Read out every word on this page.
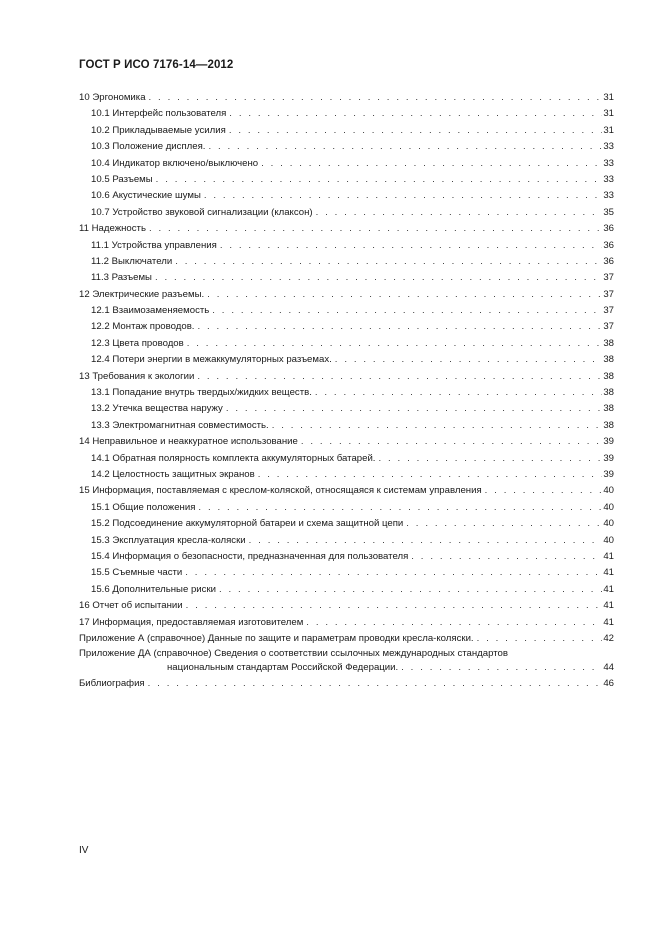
ГОСТ Р ИСО 7176-14—2012
10 Эргономика . . .	31
10.1 Интерфейс пользователя . . .	31
10.2 Прикладываемые усилия . . .	31
10.3 Положение дисплея. . . .	33
10.4 Индикатор включено/выключено . . .	33
10.5 Разъемы . . .	33
10.6 Акустические шумы . . .	33
10.7 Устройство звуковой сигнализации (клаксон) . . .	35
11 Надежность . . .	36
11.1 Устройства управления . . .	36
11.2 Выключатели . . .	36
11.3 Разъемы . . .	37
12 Электрические разъемы. . . .	37
12.1 Взаимозаменяемость . . .	37
12.2 Монтаж проводов. . . .	37
12.3 Цвета проводов . . .	38
12.4 Потери энергии в межаккумуляторных разъемах. . . .	38
13 Требования к экологии . . .	38
13.1 Попадание внутрь твердых/жидких веществ. . . .	38
13.2 Утечка вещества наружу . . .	38
13.3 Электромагнитная совместимость. . . .	38
14 Неправильное и неаккуратное использование . . .	39
14.1 Обратная полярность комплекта аккумуляторных батарей. . . .	39
14.2 Целостность защитных экранов . . .	39
15 Информация, поставляемая с креслом-коляской, относящаяся к системам управления . . .	40
15.1 Общие положения . . .	40
15.2 Подсоединение аккумуляторной батареи и схема защитной цепи . . .	40
15.3 Эксплуатация кресла-коляски . . .	40
15.4 Информация о безопасности, предназначенная для пользователя . . .	41
15.5 Съемные части . . .	41
15.6 Дополнительные риски . . .	41
16 Отчет об испытании . . .	41
17 Информация, предоставляемая изготовителем . . .	41
Приложение А (справочное) Данные по защите и параметрам проводки кресла-коляски. . . .	42
Приложение ДА (справочное) Сведения о соответствии ссылочных международных стандартов
национальным стандартам Российской Федерации. . . .	44
Библиография . . .	46
IV
